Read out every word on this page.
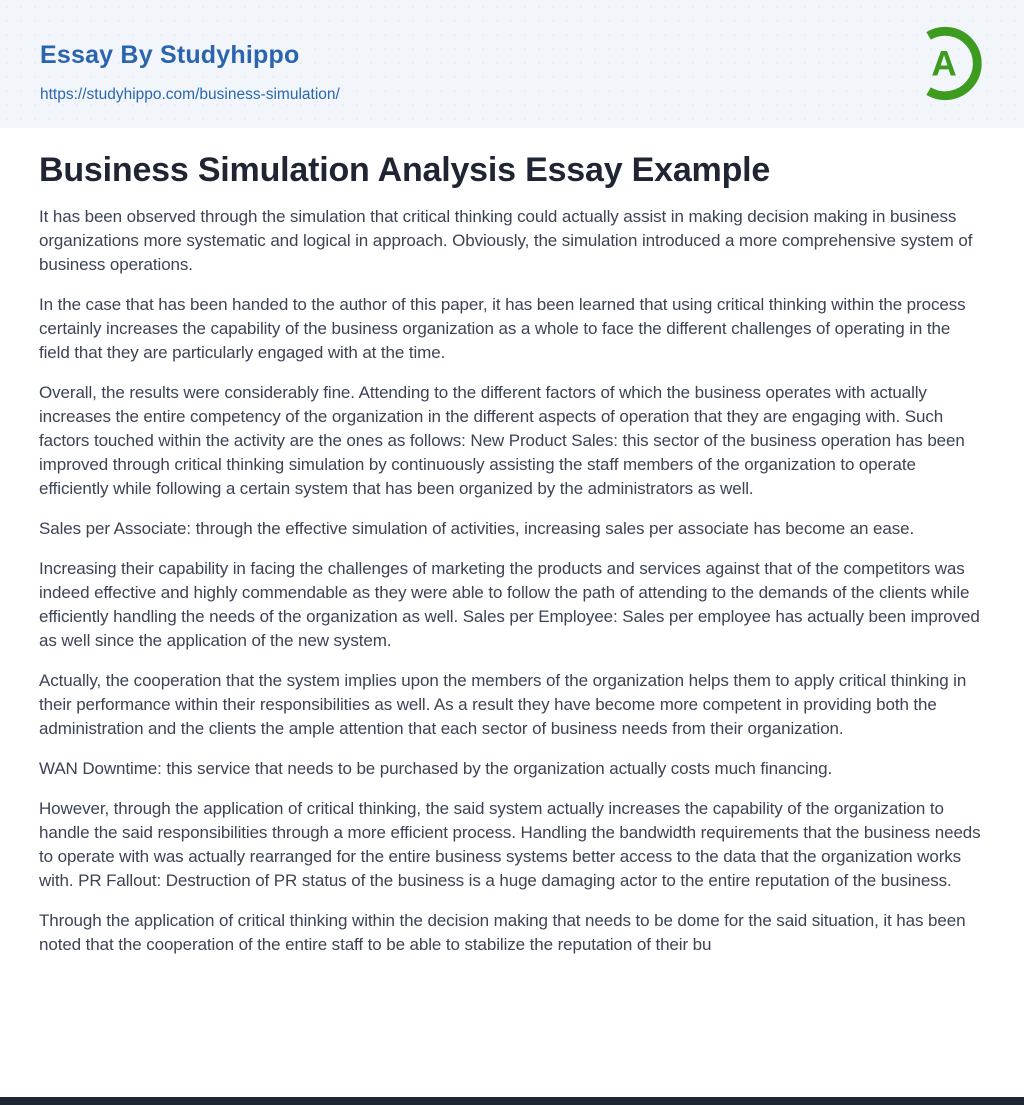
Essay By Studyhippo
https://studyhippo.com/business-simulation/
A
Business Simulation Analysis Essay Example

It has been observed through the simulation that critical thinking could actually assist in making decision making in business organizations more systematic and logical in approach. Obviously, the simulation introduced a more comprehensive system of business operations.

In the case that has been handed to the author of this paper, it has been learned that using critical thinking within the process certainly increases the capability of the business organization as a whole to face the different challenges of operating in the field that they are particularly engaged with at the time.

Overall, the results were considerably fine. Attending to the different factors of which the business operates with actually increases the entire competency of the organization in the different aspects of operation that they are engaging with. Such factors touched within the activity are the ones as follows: New Product Sales: this sector of the business operation has been improved through critical thinking simulation by continuously assisting the staff members of the organization to operate efficiently while following a certain system that has been organized by the administrators as well.

Sales per Associate: through the effective simulation of activities, increasing sales per associate has become an ease.

Increasing their capability in facing the challenges of marketing the products and services against that of the competitors was indeed effective and highly commendable as they were able to follow the path of attending to the demands of the clients while efficiently handling the needs of the organization as well. Sales per Employee: Sales per employee has actually been improved as well since the application of the new system.

Actually, the cooperation that the system implies upon the members of the organization helps them to apply critical thinking in their performance within their responsibilities as well. As a result they have become more competent in providing both the administration and the clients the ample attention that each sector of business needs from their organization.

WAN Downtime: this service that needs to be purchased by the organization actually costs much financing.

However, through the application of critical thinking, the said system actually increases the capability of the organization to handle the said responsibilities through a more efficient process. Handling the bandwidth requirements that the business needs to operate with was actually rearranged for the entire business systems better access to the data that the organization works with. PR Fallout: Destruction of PR status of the business is a huge damaging actor to the entire reputation of the business.

Through the application of critical thinking within the decision making that needs to be dome for the said situation, it has been noted that the cooperation of the entire staff to be able to stabilize the reputation of their bu
